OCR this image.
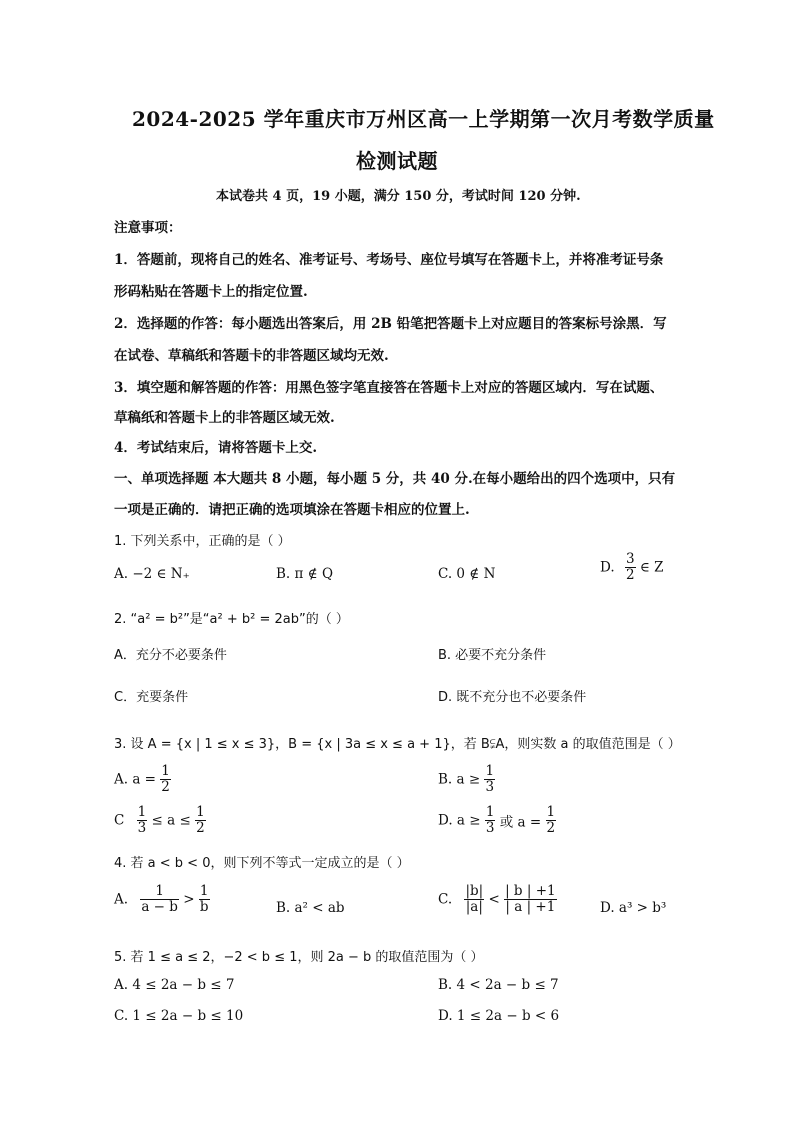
2024-2025 学年重庆市万州区高一上学期第一次月考数学质量
检测试题
本试卷共 4 页，19 小题，满分 150 分，考试时间 120 分钟.
注意事项：
1．答题前，现将自己的姓名、准考证号、考场号、座位号填写在答题卡上，并将准考证号条
形码粘贴在答题卡上的指定位置.
2．选择题的作答：每小题选出答案后，用 2B 铅笔把答题卡上对应题目的答案标号涂黑．写
在试卷、草稿纸和答题卡的非答题区域均无效.
3．填空题和解答题的作答：用黑色签字笔直接答在答题卡上对应的答题区域内．写在试题、
草稿纸和答题卡上的非答题区域无效.
4．考试结束后，请将答题卡上交.
一、单项选择题 本大题共 8 小题，每小题 5 分，共 40 分.在每小题给出的四个选项中，只有
一项是正确的．请把正确的选项填涂在答题卡相应的位置上.
1. 下列关系中，正确的是（ ）
A. −2 ∈ N₊	B. π ∉ Q	C. 0 ∉ N	D. $\frac{3}{2}$ ∈ Z
2. “a² = b²”是“a² + b² = 2ab”的（ ）
A．充分不必要条件	B. 必要不充分条件
C．充要条件	D. 既不充分也不必要条件
3. 设 A = {x | 1 ≤ x ≤ 3}，B = {x | 3a ≤ x ≤ a + 1}，若 B⫋A，则实数 a 的取值范围是（ ）
A. $a = \frac{1}{2}$	B. $a \ge \frac{1}{3}$
C $\frac{1}{3} \le a \le \frac{1}{2}$	D. $a \ge \frac{1}{3}$ 或 $a = \frac{1}{2}$
4. 若 a < b < 0，则下列不等式一定成立的是（ ）
A. $\frac{1}{a - b} > \frac{1}{b}$	B. a² < ab
C. $\frac{|b|}{|a|} < \frac{| b | +1}{| a | +1}$	D. a³ > b³
5. 若 1 ≤ a ≤ 2，−2 < b ≤ 1，则 2a − b 的取值范围为（ ）
A. 4 ≤ 2a − b ≤ 7	B. 4 < 2a − b ≤ 7
C. 1 ≤ 2a − b ≤ 10	D. 1 ≤ 2a − b < 6
